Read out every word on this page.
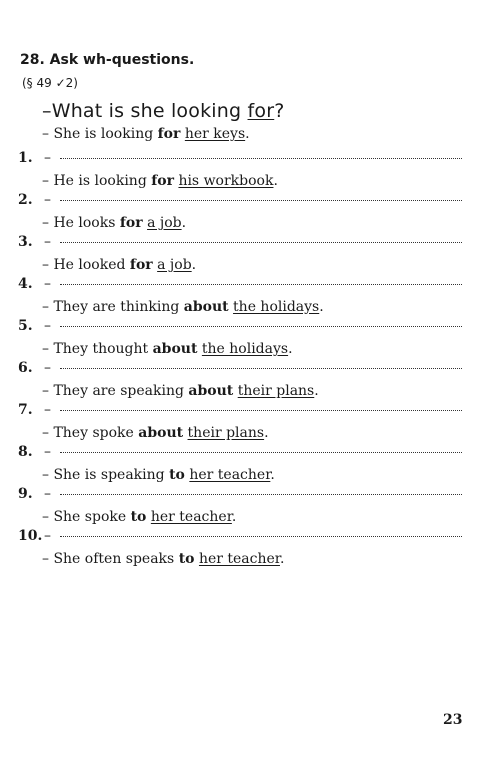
28. Ask wh-questions.
(§ 49 ✓2)
–What is she looking for?
– She is looking for her keys.
1. –
– He is looking for his workbook.
2. –
– He looks for a job.
3. –
– He looked for a job.
4. –
– They are thinking about the holidays.
5. –
– They thought about the holidays.
6. –
– They are speaking about their plans.
7. –
– They spoke about their plans.
8. –
– She is speaking to her teacher.
9. –
– She spoke to her teacher.
10. –
– She often speaks to her teacher.
23
